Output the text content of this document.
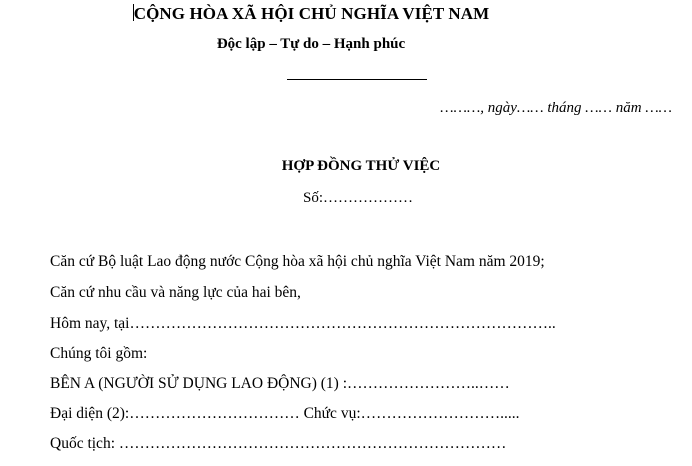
CỘNG HÒA XÃ HỘI CHỦ NGHĨA VIỆT NAM
Độc lập – Tự do – Hạnh phúc
………, ngày…… tháng …… năm ……
HỢP ĐỒNG THỬ VIỆC
Số:………………
Căn cứ Bộ luật Lao động nước Cộng hòa xã hội chủ nghĩa Việt Nam năm 2019;
Căn cứ nhu cầu và năng lực của hai bên,
Hôm nay, tại………………………………………………………………………..
Chúng tôi gồm:
BÊN A (NGƯỜI SỬ DỤNG LAO ĐỘNG) (1) :……………………..……
Đại diện (2):…………………………… Chức vụ:……………………….....
Quốc tịch: …………………………………………………………………
